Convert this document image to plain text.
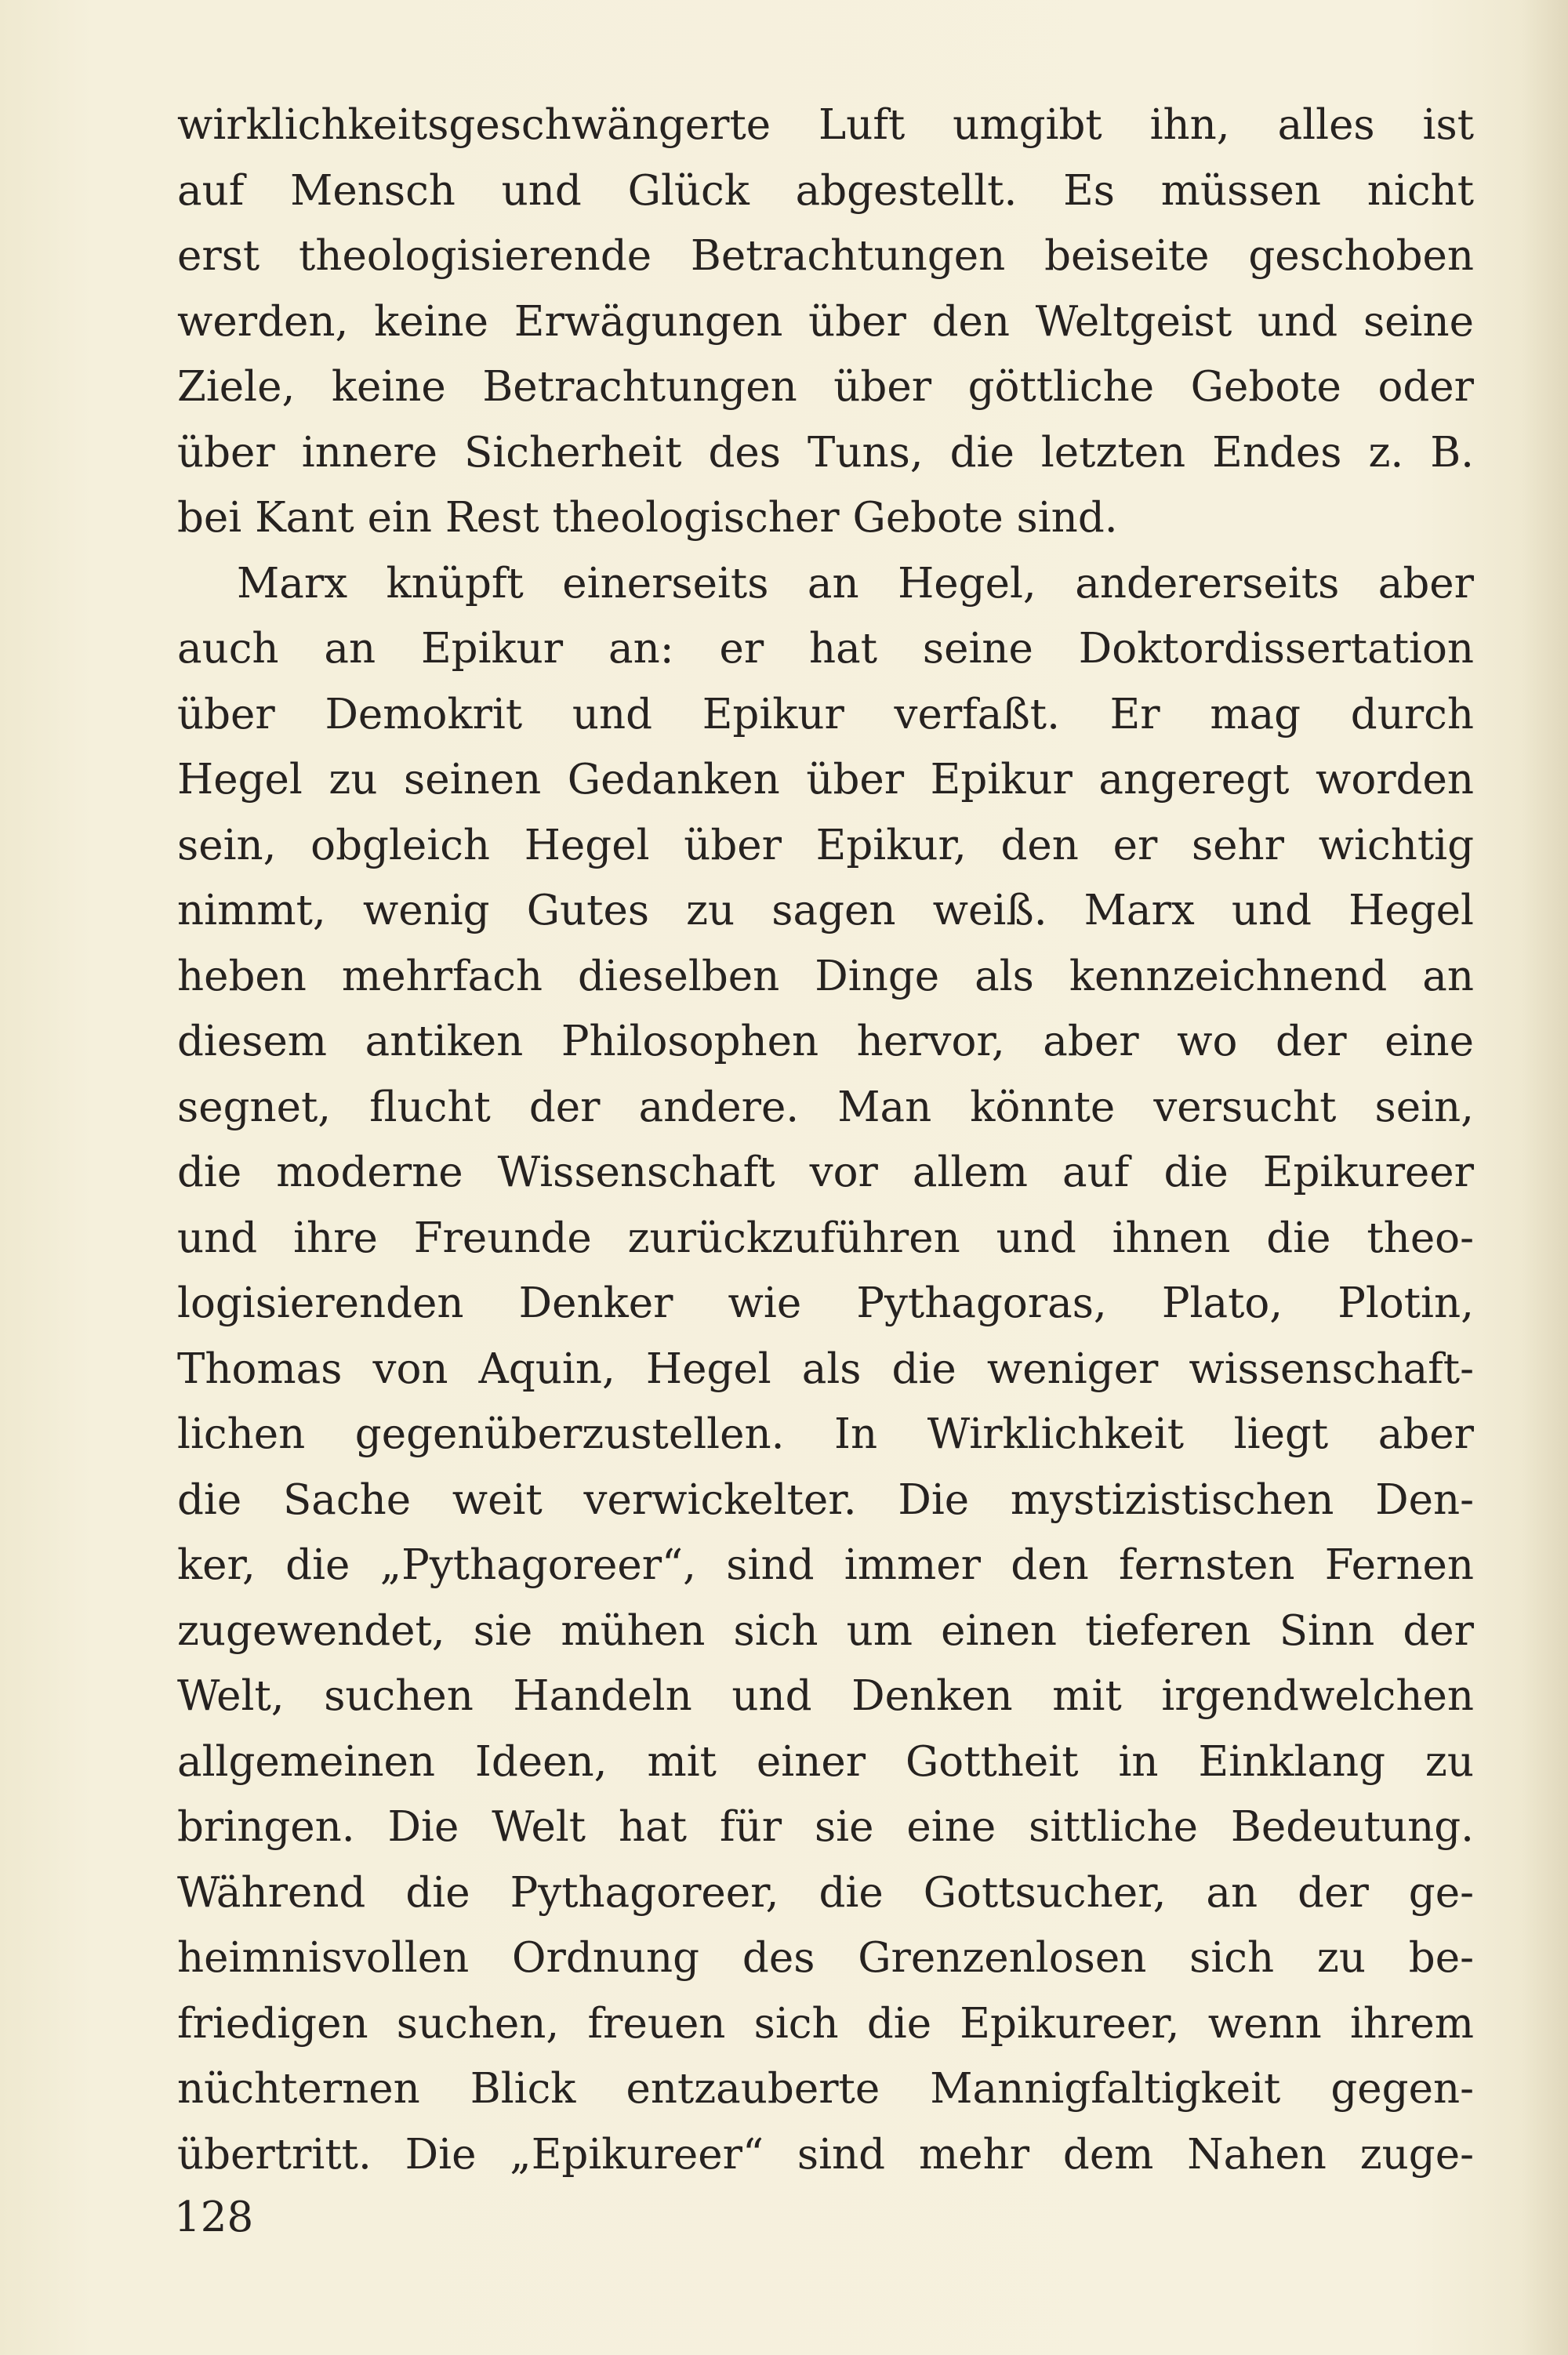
wirklichkeitsgeschwängerte Luft umgibt ihn, alles ist
auf Mensch und Glück abgestellt. Es müssen nicht
erst theologisierende Betrachtungen beiseite geschoben
werden, keine Erwägungen über den Weltgeist und seine
Ziele, keine Betrachtungen über göttliche Gebote oder
über innere Sicherheit des Tuns, die letzten Endes z. B.
bei Kant ein Rest theologischer Gebote sind.
Marx knüpft einerseits an Hegel, andererseits aber
auch an Epikur an: er hat seine Doktordissertation
über Demokrit und Epikur verfaßt. Er mag durch
Hegel zu seinen Gedanken über Epikur angeregt worden
sein, obgleich Hegel über Epikur, den er sehr wichtig
nimmt, wenig Gutes zu sagen weiß. Marx und Hegel
heben mehrfach dieselben Dinge als kennzeichnend an
diesem antiken Philosophen hervor, aber wo der eine
segnet, flucht der andere. Man könnte versucht sein,
die moderne Wissenschaft vor allem auf die Epikureer
und ihre Freunde zurückzuführen und ihnen die theo-
logisierenden Denker wie Pythagoras, Plato, Plotin,
Thomas von Aquin, Hegel als die weniger wissenschaft-
lichen gegenüberzustellen. In Wirklichkeit liegt aber
die Sache weit verwickelter. Die mystizistischen Den-
ker, die „Pythagoreer“, sind immer den fernsten Fernen
zugewendet, sie mühen sich um einen tieferen Sinn der
Welt, suchen Handeln und Denken mit irgendwelchen
allgemeinen Ideen, mit einer Gottheit in Einklang zu
bringen. Die Welt hat für sie eine sittliche Bedeutung.
Während die Pythagoreer, die Gottsucher, an der ge-
heimnisvollen Ordnung des Grenzenlosen sich zu be-
friedigen suchen, freuen sich die Epikureer, wenn ihrem
nüchternen Blick entzauberte Mannigfaltigkeit gegen-
übertritt. Die „Epikureer“ sind mehr dem Nahen zuge-
128
